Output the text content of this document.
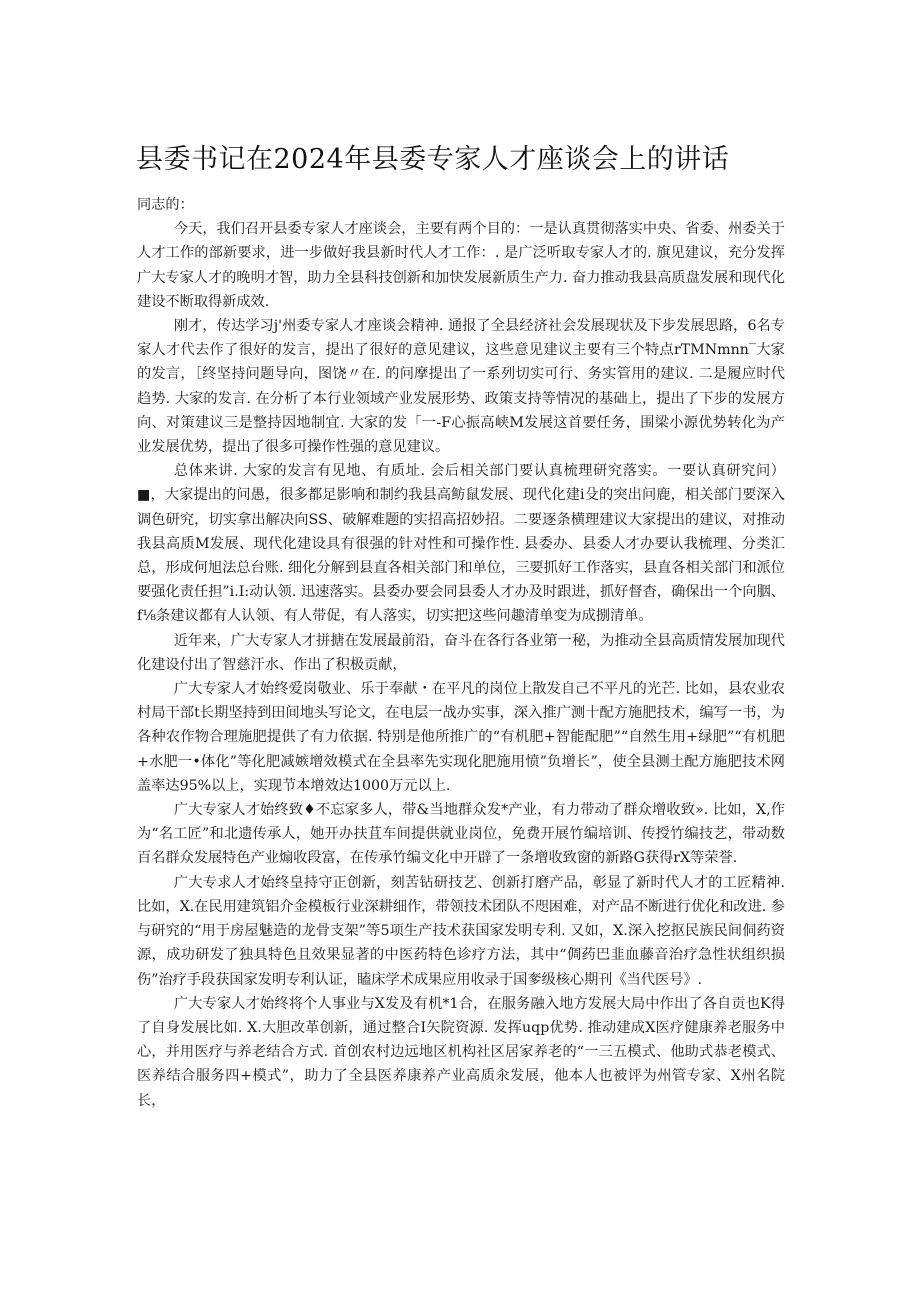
县委书记在2024年县委专家人才座谈会上的讲话

同志的：

今天，我们召开县委专家人才座谈会，主要有两个目的：一是认真贯彻落实中央、省委、州委关于人才工作的部新要求，进一步做好我县新时代人才工作：. 是广泛听取专家人才的. 旗见建议，充分发挥广大专家人才的晚明才智，助力全县科技创新和加快发展新质生产力. 奋力推动我县高质盘发展和现代化建设不断取得新成效.

刚才，传达学习j'州委专家人才座谈会精神. 通报了全县经济社会发展现状及下步发展思路，6名专家人才代去作了很好的发言，提出了很好的意见建议，这些意见建议主要有三个特点rTMNmnn‾大家的发言，［终坚持问题导向，图饶〃在. 的问摩提出了一系列切实可行、务实管用的建议. 二是履应时代趋势. 大家的发言. 在分析了本行业领域产业发展形势、政策支持等情况的基础上，提出了下步的发展方向、对策建议三是整持因地制宜. 大家的发「一-F心振高峡M发展这首要任务，围梁小源优势转化为产业发展优势，提出了很多可操作性强的意见建议。

总体来讲. 大家的发言有见地、有质址. 会后相关部门要认真梳理研究落实。一要认真研究问）■，大家提出的问愚，很多都足影响和制约我县高鲂鼠发展、现代化建i殳的突出问鹿，相关部门要深入调色研究，切实拿出解决向SS、破解难题的实招高招妙招。二要逐条横理建议大家提出的建议，对推动我县高质M发展、现代化建设具有很强的针对性和可操作性. 县委办、县委人才办要认我梳理、分类汇总，形成何旭法总台账. 细化分解到县直各相关部门和单位，三要抓好工作落实，县直各相关部门和派位要强化责任担”i.I:动认领. 迅速落实。县委办要会同县委人才办及时跟进，抓好督杳，确保出一个向胭、f⅛条建议都有人认领、有人带促，有人落实，切实把这些问趣清单变为成捌清单。

近年来，广大专家人才拼搪在发展最前沿，奋斗在各行各业第一秘，为推动全县高质情发展加现代化建设付出了智慈汗水、作出了积极贡献，

广大专家人才始终爱岗敬业、乐于奉献・在平凡的岗位上散发自己不平凡的光芒. 比如，县农业农村局干部t长期坚持到田间地头写论文，在电层一战办实事，深入推广测十配方施肥技术，编写一书，为各种农作物合理施肥提供了有力依据. 特别是他所推广的“有机肥+智能配肥”“自然生用+绿肥”“有机肥+水肥一•体化”等化肥减嫉增效模式在全县率先实现化肥施用愤”负增长”，使全县测土配方施肥技术网盖率达95%以上，实现节本增效达1000万元以上.

广大专家人才始终致♦不忘家多人，带&当地群众发*产业，有力带动了群众增收致». 比如，X,作为“名工匠”和北遗传承人，她开办扶苴车间提供就业岗位，免费开展竹编培训、传授竹编技艺，带动数百名群众发展特色产业煽收段富，在传承竹编文化中开辟了一条增收致窗的新路G获得rX等荣誉.

广大专求人才始终皇持守正创新，刻苦钻研技艺、创新打磨产品，彰显了新时代人才的工匠精神. 比如，X.在民用建筑铝介金模板行业深耕细作，带领技术团队不咫困难，对产品不断进行优化和改进. 参与研究的“用于房屋魅造的龙骨支架”等5项生产技术获国家发明专利. 又如，X.深入挖抠民族民间侗药资源，成功研发了独具特色且效果显著的中医药特色诊疗方法，其中“倜药巴韭血藤音治疗急性状组织损伤”治疗手段获国家发明专利认证，瞌床学术成果应用收录于国奓级核心期刊《当代医号》.

广大专家人才始终将个人事业与X发及有机*1合，在服务融入地方发展大局中作出了各自贡也K得了自身发展比如. X.大胆改革创新，通过整合I矢院资源. 发挥uqp优势. 推动建成X医疗健康养老服务中心，并用医疗与养老结合方式. 首创农村边远地区机构社区居家养老的“一三五模式、他助式恭老模式、医养结合服务四+模式”，助力了全县医养康养产业高质汆发展，他本人也被评为州管专家、X州名院长，
